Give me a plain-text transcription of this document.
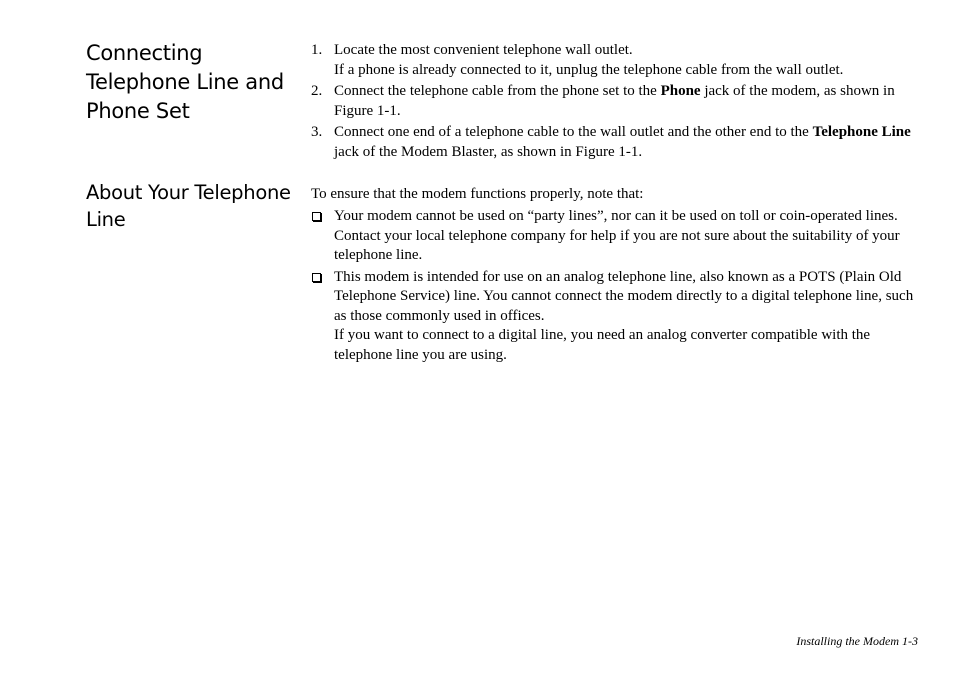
Connecting Telephone Line and Phone Set
1. Locate the most convenient telephone wall outlet.
If a phone is already connected to it, unplug the telephone cable from the wall outlet.
2. Connect the telephone cable from the phone set to the Phone jack of the modem, as shown in Figure 1-1.
3. Connect one end of a telephone cable to the wall outlet and the other end to the Telephone Line jack of the Modem Blaster, as shown in Figure 1-1.
About Your Telephone Line

To ensure that the modem functions properly, note that:

Your modem cannot be used on “party lines”, nor can it be used on toll or coin-operated lines.
Contact your local telephone company for help if you are not sure about the suitability of your telephone line.
This modem is intended for use on an analog telephone line, also known as a POTS (Plain Old Telephone Service) line. You cannot connect the modem directly to a digital telephone line, such as those commonly used in offices.
If you want to connect to a digital line, you need an analog converter compatible with the telephone line you are using.
Installing the Modem 1-3
